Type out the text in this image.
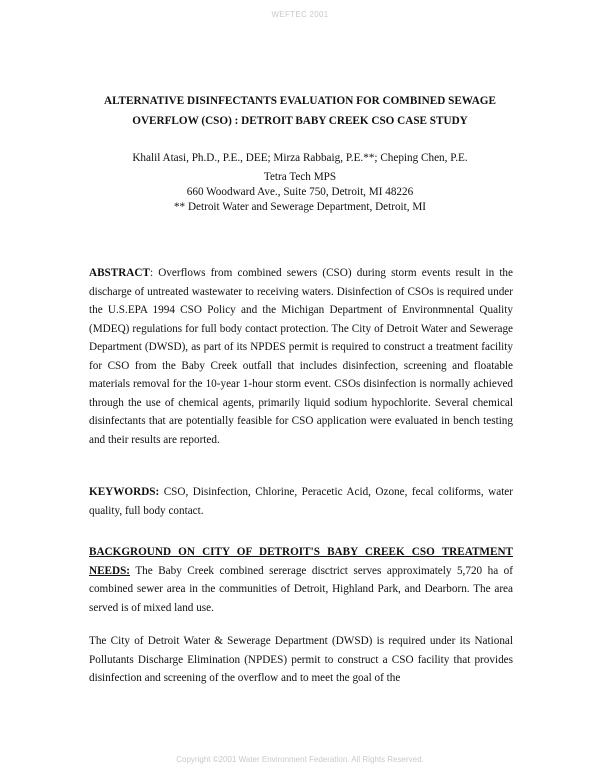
WEFTEC 2001
ALTERNATIVE DISINFECTANTS EVALUATION FOR COMBINED SEWAGE
OVERFLOW (CSO) : DETROIT BABY CREEK CSO CASE STUDY
Khalil Atasi, Ph.D., P.E., DEE; Mirza Rabbaig, P.E.**; Cheping Chen, P.E.
Tetra Tech MPS
660 Woodward Ave., Suite 750, Detroit, MI 48226
** Detroit Water and Sewerage Department, Detroit, MI

ABSTRACT: Overflows from combined sewers (CSO) during storm events result in the discharge of untreated wastewater to receiving waters. Disinfection of CSOs is required under the U.S.EPA 1994 CSO Policy and the Michigan Department of Environmnental Quality (MDEQ) regulations for full body contact protection. The City of Detroit Water and Sewerage Department (DWSD), as part of its NPDES permit is required to construct a treatment facility for CSO from the Baby Creek outfall that includes disinfection, screening and floatable materials removal for the 10-year 1-hour storm event. CSOs disinfection is normally achieved through the use of chemical agents, primarily liquid sodium hypochlorite. Several chemical disinfectants that are potentially feasible for CSO application were evaluated in bench testing and their results are reported.

KEYWORDS: CSO, Disinfection, Chlorine, Peracetic Acid, Ozone, fecal coliforms, water quality, full body contact.

BACKGROUND ON CITY OF DETROIT'S BABY CREEK CSO TREATMENT NEEDS: The Baby Creek combined sererage disctrict serves approximately 5,720 ha of combined sewer area in the communities of Detroit, Highland Park, and Dearborn. The area served is of mixed land use.

The City of Detroit Water & Sewerage Department (DWSD) is required under its National Pollutants Discharge Elimination (NPDES) permit to construct a CSO facility that provides disinfection and screening of the overflow and to meet the goal of the

Copyright ©2001 Water Environment Federation. All Rights Reserved.
